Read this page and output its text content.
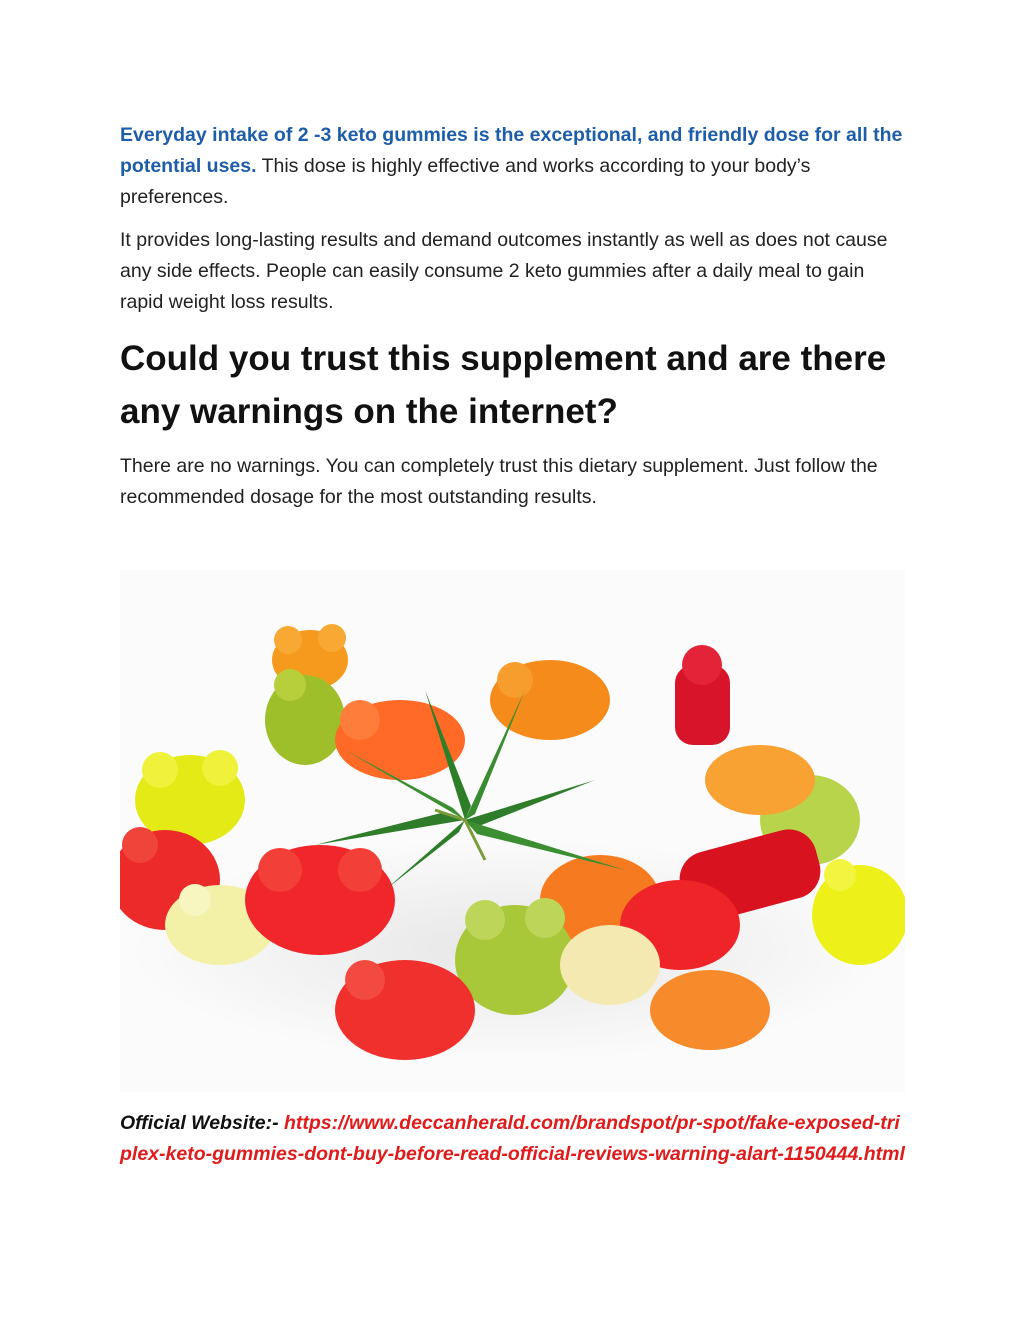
Everyday intake of 2 -3 keto gummies is the exceptional, and friendly dose for all the potential uses. This dose is highly effective and works according to your body’s preferences.

It provides long-lasting results and demand outcomes instantly as well as does not cause any side effects. People can easily consume 2 keto gummies after a daily meal to gain rapid weight loss results.

Could you trust this supplement and are there any warnings on the internet?

There are no warnings. You can completely trust this dietary supplement. Just follow the recommended dosage for the most outstanding results.

Official Website:- https://www.deccanherald.com/brandspot/pr-spot/fake-exposed-triplex-keto-gummies-dont-buy-before-read-official-reviews-warning-alart-1150444.html
